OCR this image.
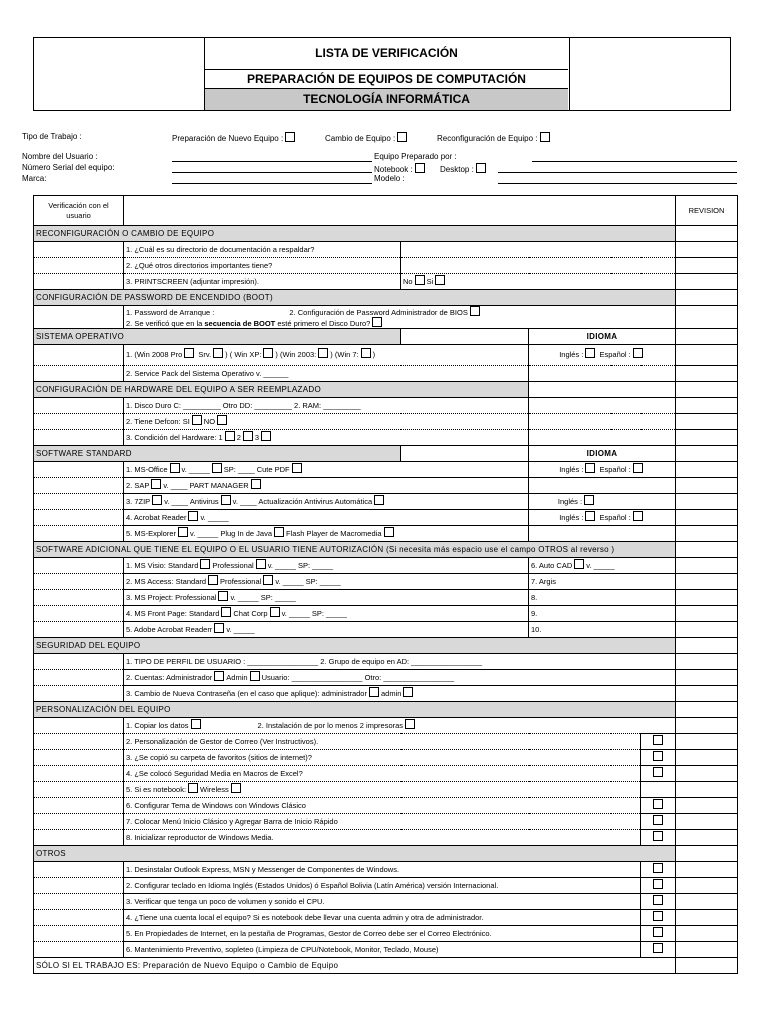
LISTA DE VERIFICACIÓN
PREPARACIÓN DE EQUIPOS DE COMPUTACIÓN
TECNOLOGÍA INFORMÁTICA
Tipo de Trabajo :	Preparación de Nuevo Equipo :	Cambio de Equipo :	Reconfiguración de Equipo :
Nombre del Usuario :	Equipo Preparado por :
Número Serial del equipo:	Notebook :	Desktop :
Marca:	Modelo :
Verificación con el usuario					REVISION
RECONFIGURACIÓN O CAMBIO DE EQUIPO					
	1. ¿Cuál es su directorio de documentación a respaldar?				
	2. ¿Qué otros directorios importantes tiene?				
	3. PRINTSCREEN (adjuntar impresión).	No Si			
CONFIGURACIÓN DE PASSWORD DE ENCENDIDO (BOOT)					

	1. Password de Arranque : 2. Configuración de Password Administrador de BIOS
2. Se verificó que en la secuencia de BOOT esté primero el Disco Duro?				

SISTEMA OPERATIVO			IDIOMA		
	1. (Win 2008 Pro Srv. ) ( Win XP: ) (Win 2003: ) (Win 7: )		Inglés : Español :		
	2. Service Pack del Sistema Operativo v. ______				
CONFIGURACIÓN DE HARDWARE DEL EQUIPO A SER REEMPLAZADO					
	1. Disco Duro C: _________ Otro DD: _________ 2. RAM: _________				
	2. Tiene Defcon: SI NO				
	3. Condición del Hardware: 1 2 3				
SOFTWARE STANDARD			IDIOMA		
	1. MS-Office v. _____ SP: ____ Cute PDF		Inglés : Español :		
	2. SAP v. ____ PART MANAGER				
	3. 7ZIP v. ____ Antivirus v. ____ Actualización Antivirus Automática		Inglés :		
	4. Acrobat Reader v. _____		Inglés : Español :		
	5. MS-Explorer v. _____ Plug In de Java Flash Player de Macromedia				
SOFTWARE ADICIONAL QUE TIENE EL EQUIPO O EL USUARIO TIENE AUTORIZACIÓN (Si necesita más espacio use el campo OTROS al reverso )					
	1. MS Visio: Standard Professional v. _____ SP: _____		6. Auto CAD v. _____		
	2. MS Access: Standard Professional v. _____ SP: _____		7. Argis		
	3. MS Project: Professional v. _____ SP: _____		8.		
	4. MS Front Page: Standard Chat Corp v. _____ SP: _____		9.		
	5. Adobe Acrobat Readerr v. _____		10.		
SEGURIDAD DEL EQUIPO					
	1. TIPO DE PERFIL DE USUARIO : _________________ 2. Grupo de equipo en AD: _________________				
	2. Cuentas: Administrador Admin Usuario: _________________ Otro: _________________				
	3. Cambio de Nueva Contraseña (en el caso que aplique): administrador admin				
PERSONALIZACIÓN DEL EQUIPO					
	1. Copiar los datos 2. Instalación de por lo menos 2 impresoras				
	2. Personalización de Gestor de Correo (Ver Instructivos).				
	3. ¿Se copió su carpeta de favoritos (sitios de internet)?				
	4. ¿Se colocó Seguridad Media en Macros de Excel?				
	5. Si es notebook: Wireless				
	6. Configurar Tema de Windows con Windows Clásico				
	7. Colocar Menú Inicio Clásico y Agregar Barra de Inicio Rápido				
	8. Inicializar reproductor de Windows Media.				
OTROS					
	1. Desinstalar Outlook Express, MSN y Messenger de Componentes de Windows.				
	2. Configurar teclado en Idioma Inglés (Estados Unidos) ó Español Bolivia (Latín América) versión Internacional.				
	3. Verificar que tenga un poco de volumen y sonido el CPU.				
	4. ¿Tiene una cuenta local el equipo? Si es notebook debe llevar una cuenta admin y otra de administrador.				
	5. En Propiedades de Internet, en la pestaña de Programas, Gestor de Correo debe ser el Correo Electrónico.				
	6. Mantenimiento Preventivo, sopleteo (Limpieza de CPU/Notebook, Monitor, Teclado, Mouse)				
SÓLO SI EL TRABAJO ES: Preparación de Nuevo Equipo o Cambio de Equipo					
